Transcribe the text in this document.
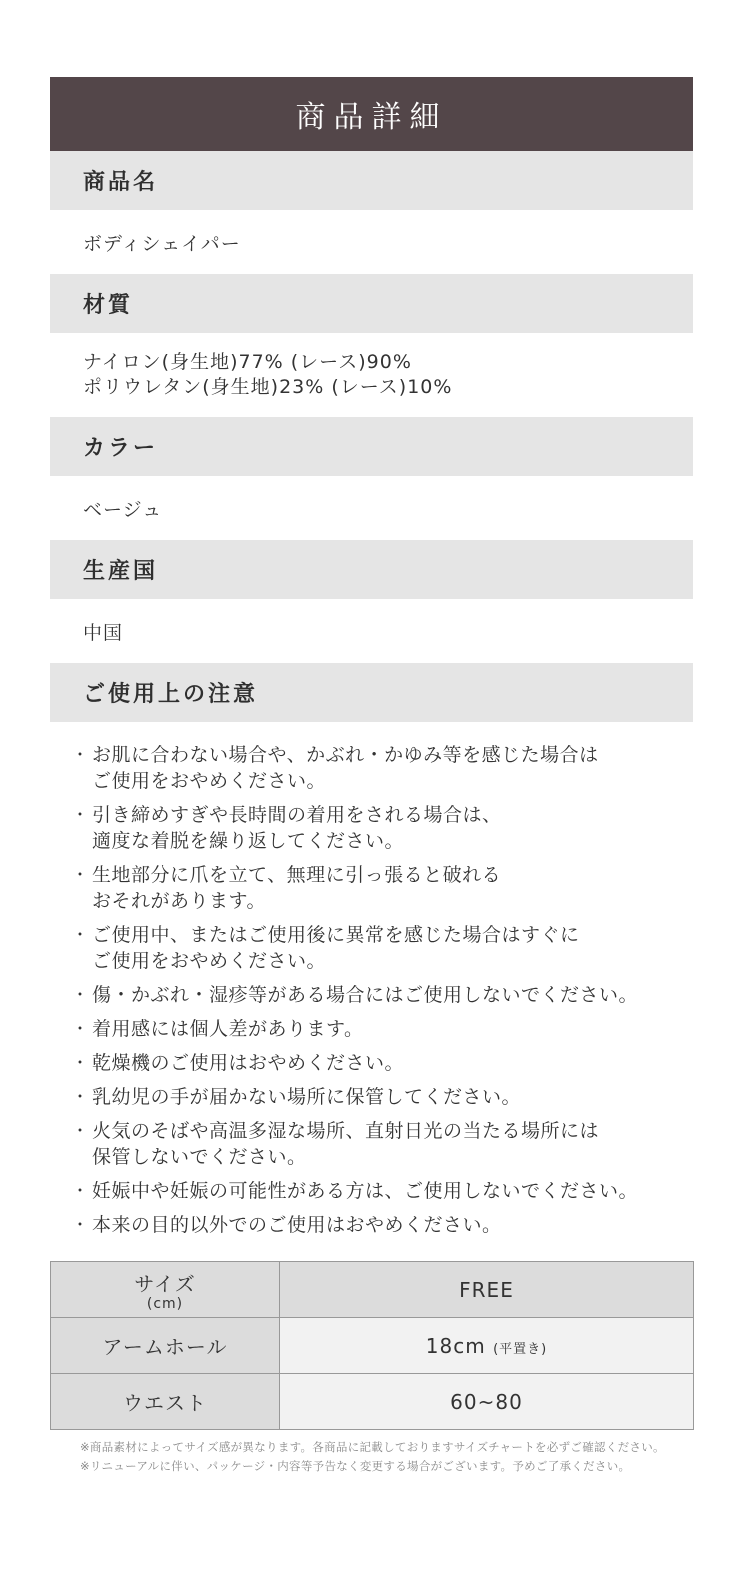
商品詳細
商品名
ボディシェイパー
材質
ナイロン(身生地)77% (レース)90%
ポリウレタン(身生地)23% (レース)10%
カラー
ベージュ
生産国
中国
ご使用上の注意
・ お肌に合わない場合や、かぶれ・かゆみ等を感じた場合は
ご使用をおやめください。
・ 引き締めすぎや長時間の着用をされる場合は、
適度な着脱を繰り返してください。
・ 生地部分に爪を立て、無理に引っ張ると破れる
おそれがあります。
・ ご使用中、またはご使用後に異常を感じた場合はすぐに
ご使用をおやめください。
・ 傷・かぶれ・湿疹等がある場合にはご使用しないでください。
・ 着用感には個人差があります。
・ 乾燥機のご使用はおやめください。
・ 乳幼児の手が届かない場所に保管してください。
・ 火気のそばや高温多湿な場所、直射日光の当たる場所には
保管しないでください。
・ 妊娠中や妊娠の可能性がある方は、ご使用しないでください。
・ 本来の目的以外でのご使用はおやめください。
サイズ
(cm)	FREE
アームホール	18cm (平置き)
ウエスト	60~80
※商品素材によってサイズ感が異なります。各商品に記載しておりますサイズチャートを必ずご確認ください。
※リニューアルに伴い、パッケージ・内容等予告なく変更する場合がございます。予めご了承ください。
